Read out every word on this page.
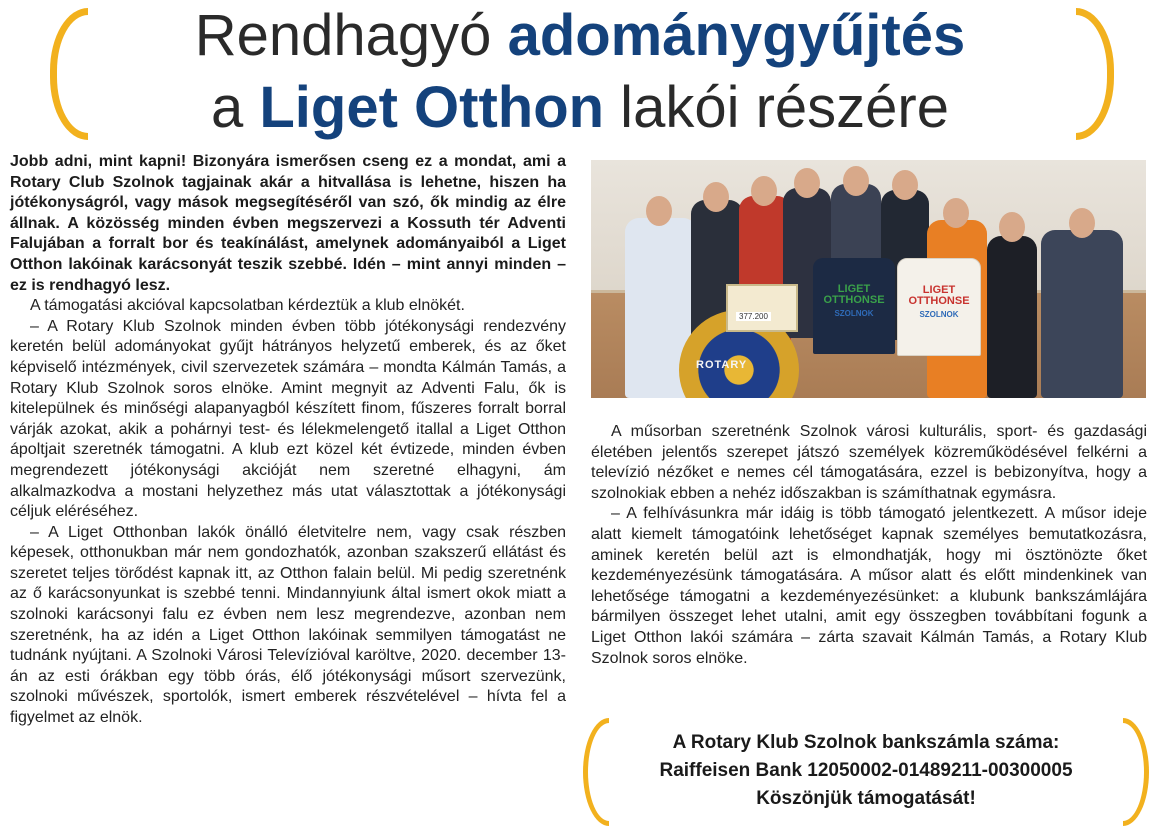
Rendhagyó adománygyűjtés
a Liget Otthon lakói részére

Jobb adni, mint kapni! Bizonyára ismerősen cseng ez a mondat, ami a Rotary Club Szolnok tagjainak akár a hitvallása is lehetne, hiszen ha jótékonyságról, vagy mások megsegítéséről van szó, ők mindig az élre állnak. A közösség minden évben megszervezi a Kossuth tér Adventi Falujában a forralt bor és teakínálást, amelynek adományaiból a Liget Otthon lakóinak karácsonyát teszik szebbé. Idén – mint annyi minden – ez is rendhagyó lesz.

A támogatási akcióval kapcsolatban kérdeztük a klub elnökét.

– A Rotary Klub Szolnok minden évben több jótékonysági rendezvény keretén belül adományokat gyűjt hátrányos helyzetű emberek, és az őket képviselő intézmények, civil szervezetek számára – mondta Kálmán Tamás, a Rotary Klub Szolnok soros elnöke. Amint megnyit az Adventi Falu, ők is kitelepülnek és minőségi alapanyagból készített finom, fűszeres forralt borral várják azokat, akik a pohárnyi test- és lélekmelengető itallal a Liget Otthon ápoltjait szeretnék támogatni. A klub ezt közel két évtizede, minden évben megrendezett jótékonysági akcióját nem szeretné elhagyni, ám alkalmazkodva a mostani helyzethez más utat választottak a jótékonysági céljuk eléréséhez.

– A Liget Otthonban lakók önálló életvitelre nem, vagy csak részben képesek, otthonukban már nem gondozhatók, azonban szakszerű ellátást és szeretet teljes törődést kapnak itt, az Otthon falain belül. Mi pedig szeretnénk az ő karácsonyunkat is szebbé tenni. Mindannyiunk által ismert okok miatt a szolnoki karácsonyi falu ez évben nem lesz megrendezve, azonban nem szeretnénk, ha az idén a Liget Otthon lakóinak semmilyen támogatást ne tudnánk nyújtani. A Szolnoki Városi Televízióval karöltve, 2020. december 13-án az esti órákban egy több órás, élő jótékonysági műsort szervezünk, szolnoki művészek, sportolók, ismert emberek részvételével – hívta fel a figyelmet az elnök.

ROTARY
377.200
LIGET
OTTHONSE
SZOLNOK
LIGET
OTTHONSE
SZOLNOK

A műsorban szeretnénk Szolnok városi kulturális, sport- és gazdasági életében jelentős szerepet játszó személyek közreműködésével felkérni a televízió nézőket e nemes cél támogatására, ezzel is bebizonyítva, hogy a szolnokiak ebben a nehéz időszakban is számíthatnak egymásra.

– A felhívásunkra már idáig is több támogató jelentkezett. A műsor ideje alatt kiemelt támogatóink lehetőséget kapnak személyes bemutatkozásra, aminek keretén belül azt is elmondhatják, hogy mi ösztönözte őket kezdeményezésünk támogatására. A műsor alatt és előtt mindenkinek van lehetősége támogatni a kezdeményezésünket: a klubunk bankszámlájára bármilyen összeget lehet utalni, amit egy összegben továbbítani fogunk a Liget Otthon lakói számára – zárta szavait Kálmán Tamás, a Rotary Klub Szolnok soros elnöke.

A Rotary Klub Szolnok bankszámla száma:
Raiffeisen Bank 12050002-01489211-00300005
Köszönjük támogatását!
